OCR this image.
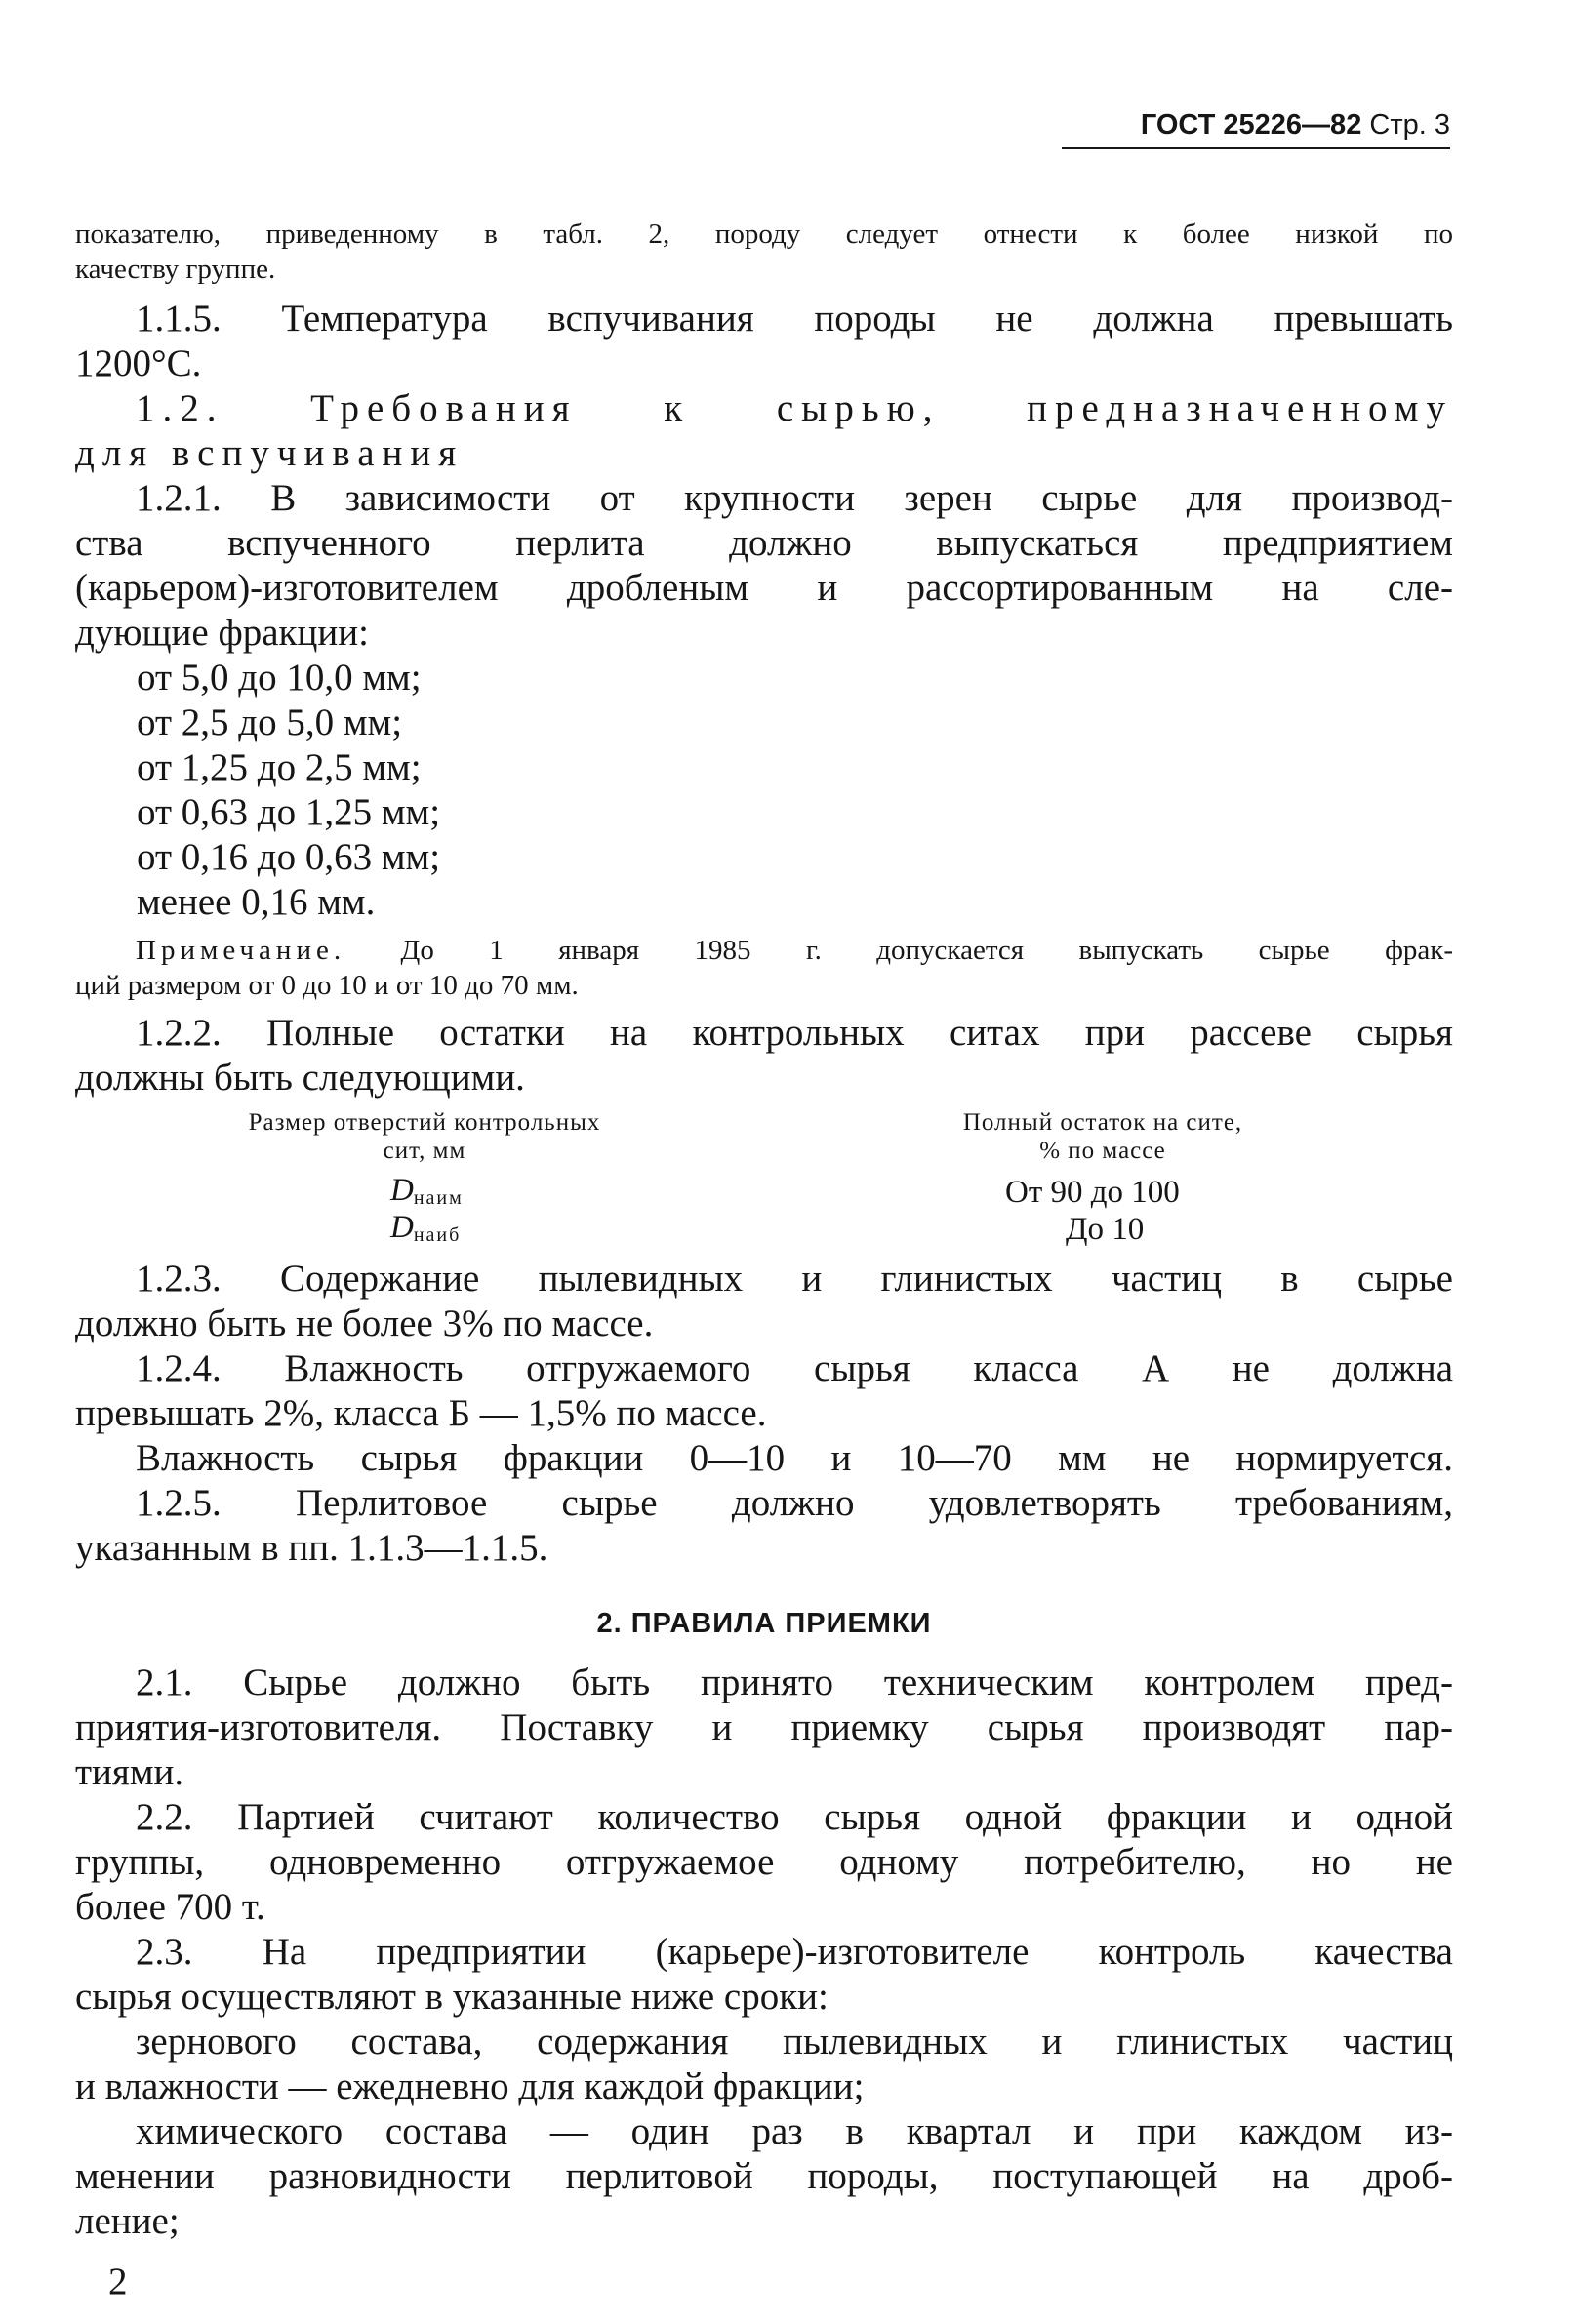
ГОСТ 25226—82 Стр. 3

показателю, приведенному в табл. 2, породу следует отнести к более низкой по

качеству группе.

1.1.5. Температура вспучивания породы не должна превышать

1200°С.

1.2. Требования к сырью, предназначенному

для вспучивания

1.2.1. В зависимости от крупности зерен сырье для производ-

ства вспученного перлита должно выпускаться предприятием

(карьером)-изготовителем дробленым и рассортированным на сле-

дующие фракции:

от 5,0 до 10,0 мм;

от 2,5 до 5,0 мм;

от 1,25 до 2,5 мм;

от 0,63 до 1,25 мм;

от 0,16 до 0,63 мм;

менее 0,16 мм.

Примечание. До 1 января 1985 г. допускается выпускать сырье фрак-

ций размером от 0 до 10 и от 10 до 70 мм.

1.2.2. Полные остатки на контрольных ситах при рассеве сырья

должны быть следующими.

Размер отверстий контрольных
сит, мм
Полный остаток на сите,
% по массе
$D_{наим}$	От 90 до 100
$D_{наиб}$	До 10

1.2.3. Содержание пылевидных и глинистых частиц в сырье

должно быть не более 3% по массе.

1.2.4. Влажность отгружаемого сырья класса А не должна

превышать 2%, класса Б — 1,5% по массе.

Влажность сырья фракции 0—10 и 10—70 мм не нормируется.

1.2.5. Перлитовое сырье должно удовлетворять требованиям,

указанным в пп. 1.1.3—1.1.5.

2. ПРАВИЛА ПРИЕМКИ

2.1. Сырье должно быть принято техническим контролем пред-

приятия-изготовителя. Поставку и приемку сырья производят пар-

тиями.

2.2. Партией считают количество сырья одной фракции и одной

группы, одновременно отгружаемое одному потребителю, но не

более 700 т.

2.3. На предприятии (карьере)-изготовителе контроль качества

сырья осуществляют в указанные ниже сроки:

зернового состава, содержания пылевидных и глинистых частиц

и влажности — ежедневно для каждой фракции;

химического состава — один раз в квартал и при каждом из-

менении разновидности перлитовой породы, поступающей на дроб-

ление;

2
